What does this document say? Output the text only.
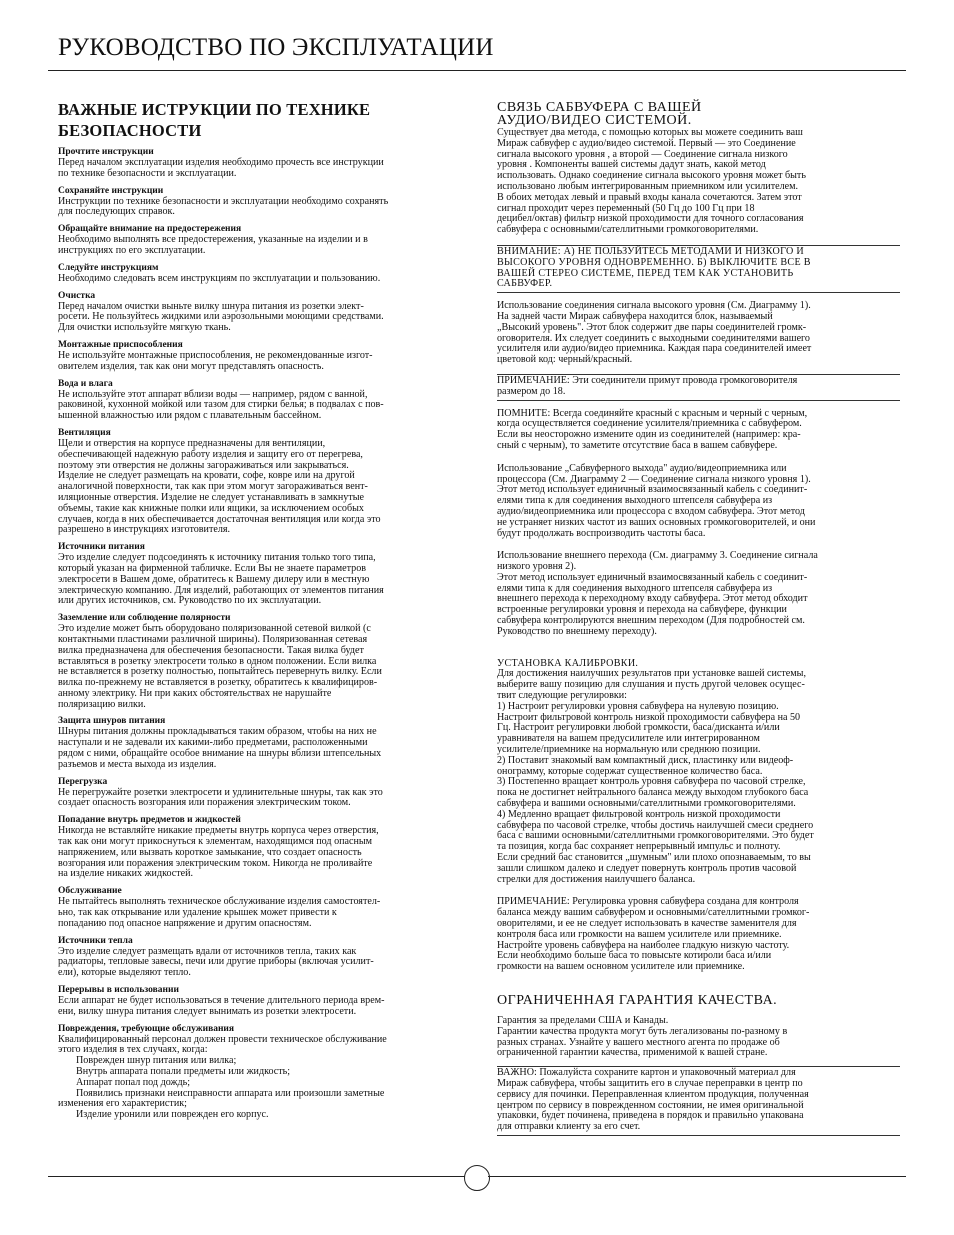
РУКОВОДСТВО ПО ЭКСПЛУАТАЦИИ
ВАЖНЫЕ ИСТРУКЦИИ ПО ТЕХНИКЕ БЕЗОПАСНОСТИ
Прочтите инструкции
Перед началом эксплуатации изделия необходимо прочесть все инструкции
по технике безопасности и эксплуатации.
Сохраняйте инструкции
Инструкции по технике безопасности и эксплуатации необходимо сохранять
для последующих справок.
Обращайте внимание на предостережения
Необходимо выполнять все предостережения, указанные на изделии и в
инструкциях по его эксплуатации.
Следуйте инструкциям
Необходимо следовать всем инструкциям по эксплуатации и пользованию.
Очистка
Перед началом очистки выньте вилку шнура питания из розетки элект-
росети. Не пользуйтесь жидкими или аэрозольными моющими средствами.
Для очистки используйте мягкую ткань.
Монтажные приспособления
Не используйте монтажные приспособления, не рекомендованные изгот-
овителем изделия, так как они могут представлять опасность.
Вода и влага
Не используйте этот аппарат вблизи воды — например, рядом с ванной,
раковиной, кухонной мойкой или тазом для стирки белья; в подвалах с пов-
ышенной влажностью или рядом с плавательным бассейном.
Вентиляция
Щели и отверстия на корпусе предназначены для вентиляции,
обеспечивающей надежную работу изделия и защиту его от перегрева,
поэтому эти отверстия не должны загораживаться или закрываться.
Изделие не следует размещать на кровати, софе, ковре или на другой
аналогичной поверхности, так как при этом могут загораживаться вент-
иляционные отверстия. Изделие не следует устанавливать в замкнутые
объемы, такие как книжные полки или ящики, за исключением особых
случаев, когда в них обеспечивается достаточная вентиляция или когда это
разрешено в инструкциях изготовителя.
Источники питания
Это изделие следует подсоединять к источнику питания только того типа,
который указан на фирменной табличке. Если Вы не знаете параметров
электросети в Вашем доме, обратитесь к Вашему дилеру или в местную
электрическую компанию. Для изделий, работающих от элементов питания
или других источников, см. Руководство по их эксплуатации.
Заземление или соблюдение полярности
Это изделие может быть оборудовано поляризованной сетевой вилкой (с
контактными пластинами различной ширины). Поляризованная сетевая
вилка предназначена для обеспечения безопасности. Такая вилка будет
вставляться в розетку электросети только в одном положении. Если вилка
не вставляется в розетку полностью, попытайтесь перевернуть вилку. Если
вилка по-прежнему не вставляется в розетку, обратитесь к квалифициров-
анному электрику. Ни при каких обстоятельствах не нарушайте
поляризацию вилки.
Защита шнуров питания
Шнуры питания должны прокладываться таким образом, чтобы на них не
наступали и не задевали их какими-либо предметами, расположенными
рядом с ними, обращайте особое внимание на шнуры вблизи штепсельных
разъемов и места выхода из изделия.
Перегрузка
Не перегружайте розетки электросети и удлинительные шнуры, так как это
создает опасность возгорания или поражения электрическим током.
Попадание внутрь предметов и жидкостей
Никогда не вставляйте никакие предметы внутрь корпуса через отверстия,
так как они могут прикоснуться к элементам, находящимся под опасным
напряжением, или вызвать короткое замыкание, что создает опасность
возгорания или поражения электрическим током. Никогда не проливайте
на изделие никаких жидкостей.
Обслуживание
Не пытайтесь выполнять техническое обслуживание изделия самостоятел-
ьно, так как открывание или удаление крышек может привести к
попаданию под опасное напряжение и другим опасностям.
Источники тепла
Это изделие следует размещать вдали от источников тепла, таких как
радиаторы, тепловые завесы, печи или другие приборы (включая усилит-
ели), которые выделяют тепло.
Перерывы в использовании
Если аппарат не будет использоваться в течение длительного периода врем-
ени, вилку шнура питания следует вынимать из розетки электросети.
Повреждения, требующие обслуживания
Квалифицированный персонал должен провести техническое обслуживание
этого изделия в тех случаях, когда:
Поврежден шнур питания или вилка;
Внутрь аппарата попали предметы или жидкость;
Аппарат попал под дождь;
Появились признаки неисправности аппарата или произошли заметные
изменения его характеристик;
Изделие уронили или поврежден его корпус.
СВЯЗЬ САБВУФЕРА С ВАШЕЙ
АУДИО/ВИДЕО СИСТЕМОЙ.
Существует два метода, с помощью которых вы можете соединить ваш
Мираж сабвуфер с аудио/видео системой. Первый — это Соединение
сигнала высокого уровня , а второй — Соединение сигнала низкого
уровня . Компоненты вашей системы дадут знать, какой метод
использовать. Однако соединение сигнала высокого уровня может быть
использовано любым интегрированным приемником или усилителем.
В обоих методах левый и правый входы канала сочетаются. Затем этот
сигнал проходит через переменный (50 Гц до 100 Гц при 18
децибел/октав) фильтр низкой проходимости для точного согласования
сабвуфера с основными/сателлитными громкоговорителями.
ВНИМАНИЕ: А) НЕ ПОЛЬЗУЙТЕСЬ МЕТОДАМИ И НИЗКОГО И
ВЫСОКОГО УРОВНЯ ОДНОВРЕМЕННО. Б) ВЫКЛЮЧИТЕ ВСЕ В
ВАШЕЙ СТЕРЕО СИСТЕМЕ, ПЕРЕД ТЕМ КАК УСТАНОВИТЬ
САБВУФЕР.
Использование соединения сигнала высокого уровня (См. Диаграмму 1).
На задней части Мираж сабвуфера находится блок, называемый
„Высокий уровень". Этот блок содержит две пары соединителей громк-
оговорителя. Их следует соединить с выходными соединителями вашего
усилителя или аудио/видео приемника. Каждая пара соединителей имеет
цветовой код: черный/красный.
ПРИМЕЧАНИЕ: Эти соединители примут провода громкоговорителя
размером до 18.
ПОМНИТЕ: Всегда соединяйте красный с красным и черный с черным,
когда осуществляется соединение усилителя/приемника с сабвуфером.
Если вы неосторожно измените один из соединителей (например: кра-
сный с черным), то заметите отсутствие баса в вашем сабвуфере.
Использование „Сабвуферного выхода" аудио/видеоприемника или
процессора (См. Диаграмму 2 — Соединение сигнала низкого уровня 1).
Этот метод использует единичный взаимосвязанный кабель с соединит-
елями типа к для соединения выходного штепселя сабвуфера из
аудио/видеоприемника или процессора с входом сабвуфера. Этот метод
не устраняет низких частот из ваших основных громкоговорителей, и они
будут продолжать воспроизводить частоты баса.
Использование внешнего перехода (См. диаграмму 3. Соединение сигнала
низкого уровня 2).
Этот метод использует единичный взаимосвязанный кабель с соединит-
елями типа к для соединения выходного штепселя сабвуфера из
внешнего перехода к переходному входу сабвуфера. Этот метод обходит
встроенные регулировки уровня и перехода на сабвуфере, функции
сабвуфера контролируются внешним переходом (Для подробностей см.
Руководство по внешнему переходу).
УСТАНОВКА КАЛИБРОВКИ.
Для достижения наилучших результатов при установке вашей системы,
выберите вашу позицию для слушания и пусть другой человек осущес-
твит следующие регулировки:
1) Настроит регулировки уровня сабвуфера на нулевую позицию.
Настроит фильтровой контроль низкой проходимости сабвуфера на 50
Гц. Настроит регулировки любой громкости, баса/дисканта и/или
уравнивателя на вашем предусилителе или интегрированном
усилителе/приемнике на нормальную или среднюю позиции.
2) Поставит знакомый вам компактный диск, пластинку или видеоф-
онограмму, которые содержат существенное количество баса.
3) Постепенно вращает контроль уровня сабвуфера по часовой стрелке,
пока не достигнет нейтрального баланса между выходом глубокого баса
сабвуфера и вашими основными/сателлитными громкоговорителями.
4) Медленно вращает фильтровой контроль низкой проходимости
сабвуфера по часовой стрелке, чтобы достичь наилучшей смеси среднего
баса с вашими основными/сателлитными громкоговорителями. Это будет
та позиция, когда бас сохраняет непрерывный импульс и полноту.
Если средний бас становится „шумным" или плохо опознаваемым, то вы
зашли слишком далеко и следует повернуть контроль против часовой
стрелки для достижения наилучшего баланса.
ПРИМЕЧАНИЕ: Регулировка уровня сабвуфера создана для контроля
баланса между вашим сабвуфером и основными/сателлитными громког-
оворителями, и ее не следует использовать в качестве заменителя для
контроля баса или громкости на вашем усилителе или приемнике.
Настройте уровень сабвуфера на наиболее гладкую низкую частоту.
Если необходимо больше баса то повысьте котироли баса и/или
громкости на вашем основном усилителе или приемнике.
ОГРАНИЧЕННАЯ ГАРАНТИЯ КАЧЕСТВА.
Гарантия за пределами США и Канады.
Гарантии качества продукта могут буть легализованы по-разному в
разных странах. Узнайте у вашего местного агента по продаже об
ограниченной гарантии качества, применимой к вашей стране.
ВАЖНО: Пожалуйста сохраните картон и упаковочный материал для
Мираж сабвуфера, чтобы защитить его в случае переправки в центр по
сервису для починки. Переправленная клиентом продукция, полученная
центром по сервису в поврежденном состоянии, не имея оригинальной
упаковки, будет починена, приведена в порядок и правильно упакована
для отправки клиенту за его счет.
